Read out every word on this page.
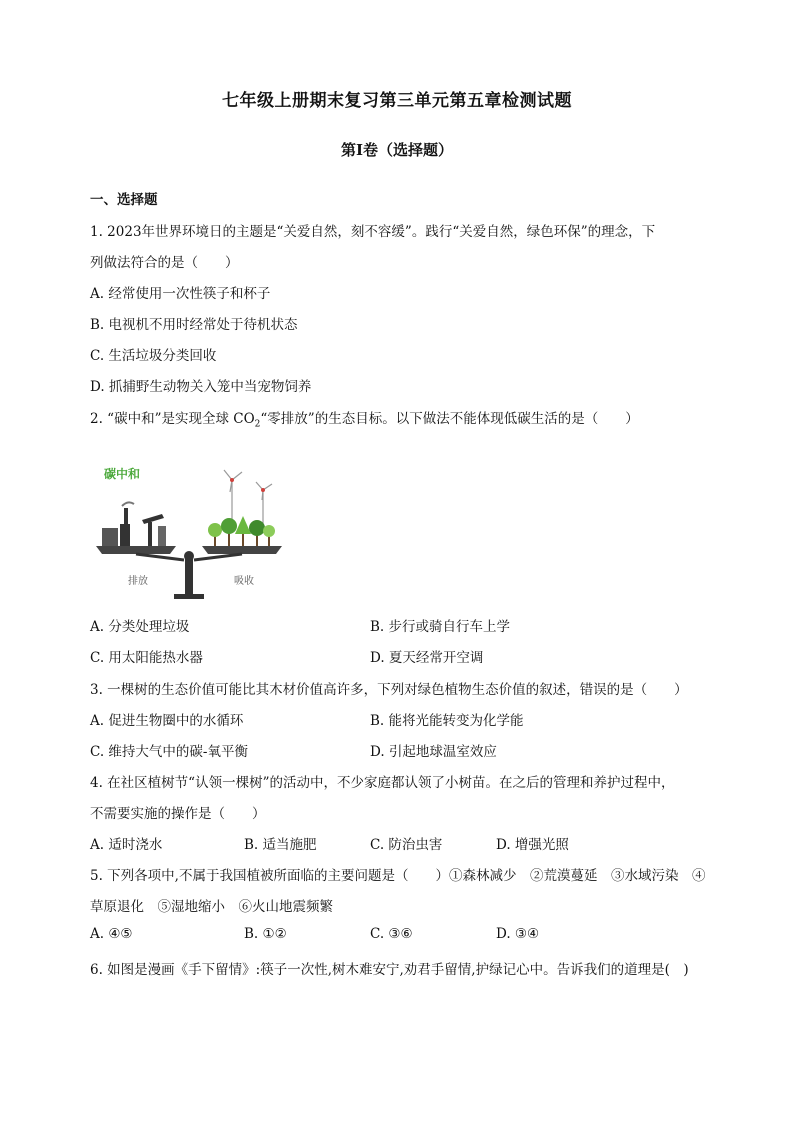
七年级上册期末复习第三单元第五章检测试题
第I卷（选择题）
一、选择题
1. 2023年世界环境日的主题是“关爱自然，刻不容缓”。践行“关爱自然，绿色环保”的理念，下
列做法符合的是（　　）
A. 经常使用一次性筷子和杯子
B. 电视机不用时经常处于待机状态
C. 生活垃圾分类回收
D. 抓捕野生动物关入笼中当宠物饲养
2. “碳中和”是实现全球 $CO_2“$零排放”的生态目标。以下做法不能体现低碳生活的是（　　）
碳中和
排放	吸收
A. 分类处理垃圾	B. 步行或骑自行车上学
C. 用太阳能热水器	D. 夏天经常开空调
3. 一棵树的生态价值可能比其木材价值高许多，下列对绿色植物生态价值的叙述，错误的是（　　）
A. 促进生物圈中的水循环	B. 能将光能转变为化学能
C. 维持大气中的碳-氧平衡	D. 引起地球温室效应
4. 在社区植树节“认领一棵树”的活动中，不少家庭都认领了小树苗。在之后的管理和养护过程中，
不需要实施的操作是（　　）
A. 适时浇水	B. 适当施肥	C. 防治虫害	D. 增强光照
5. 下列各项中,不属于我国植被所面临的主要问题是（　　）①森林减少　②荒漠蔓延　③水域污染　④
草原退化　⑤湿地缩小　⑥火山地震频繁
A. ④⑤	B. ①②	C. ③⑥	D. ③④
6. 如图是漫画《手下留情》:筷子一次性,树木难安宁,劝君手留情,护绿记心中。告诉我们的道理是(　)
